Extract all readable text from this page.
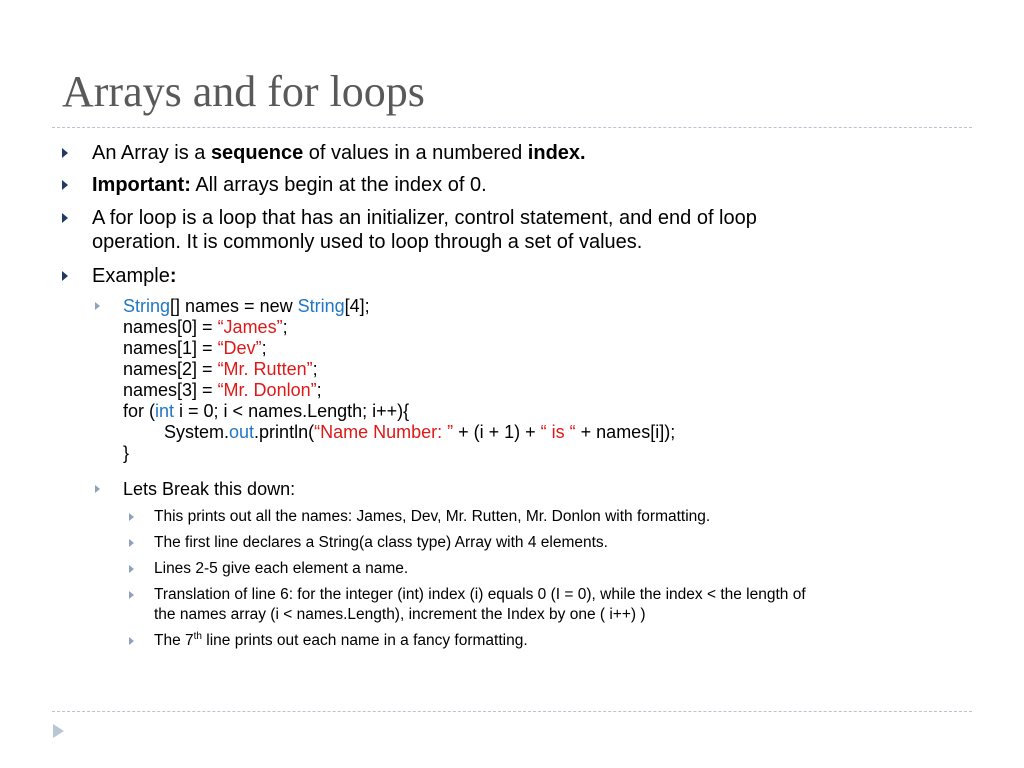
Arrays and for loops
An Array is a sequence of values in a numbered index.
Important: All arrays begin at the index of 0.
A for loop is a loop that has an initializer, control statement, and end of loop
operation. It is commonly used to loop through a set of values.
Example:
String[] names = new String[4];
names[0] = “James”;
names[1] = “Dev”;
names[2] = “Mr. Rutten”;
names[3] = “Mr. Donlon”;
for (int i = 0; i < names.Length; i++){
System.out.println(“Name Number: ” + (i + 1) + “ is “ + names[i]);
}
Lets Break this down:
This prints out all the names: James, Dev, Mr. Rutten, Mr. Donlon with formatting.
The first line declares a String(a class type) Array with 4 elements.
Lines 2-5 give each element a name.
Translation of line 6: for the integer (int) index (i) equals 0 (I = 0), while the index < the length of
the names array (i < names.Length), increment the Index by one ( i++) )
The 7th line prints out each name in a fancy formatting.
